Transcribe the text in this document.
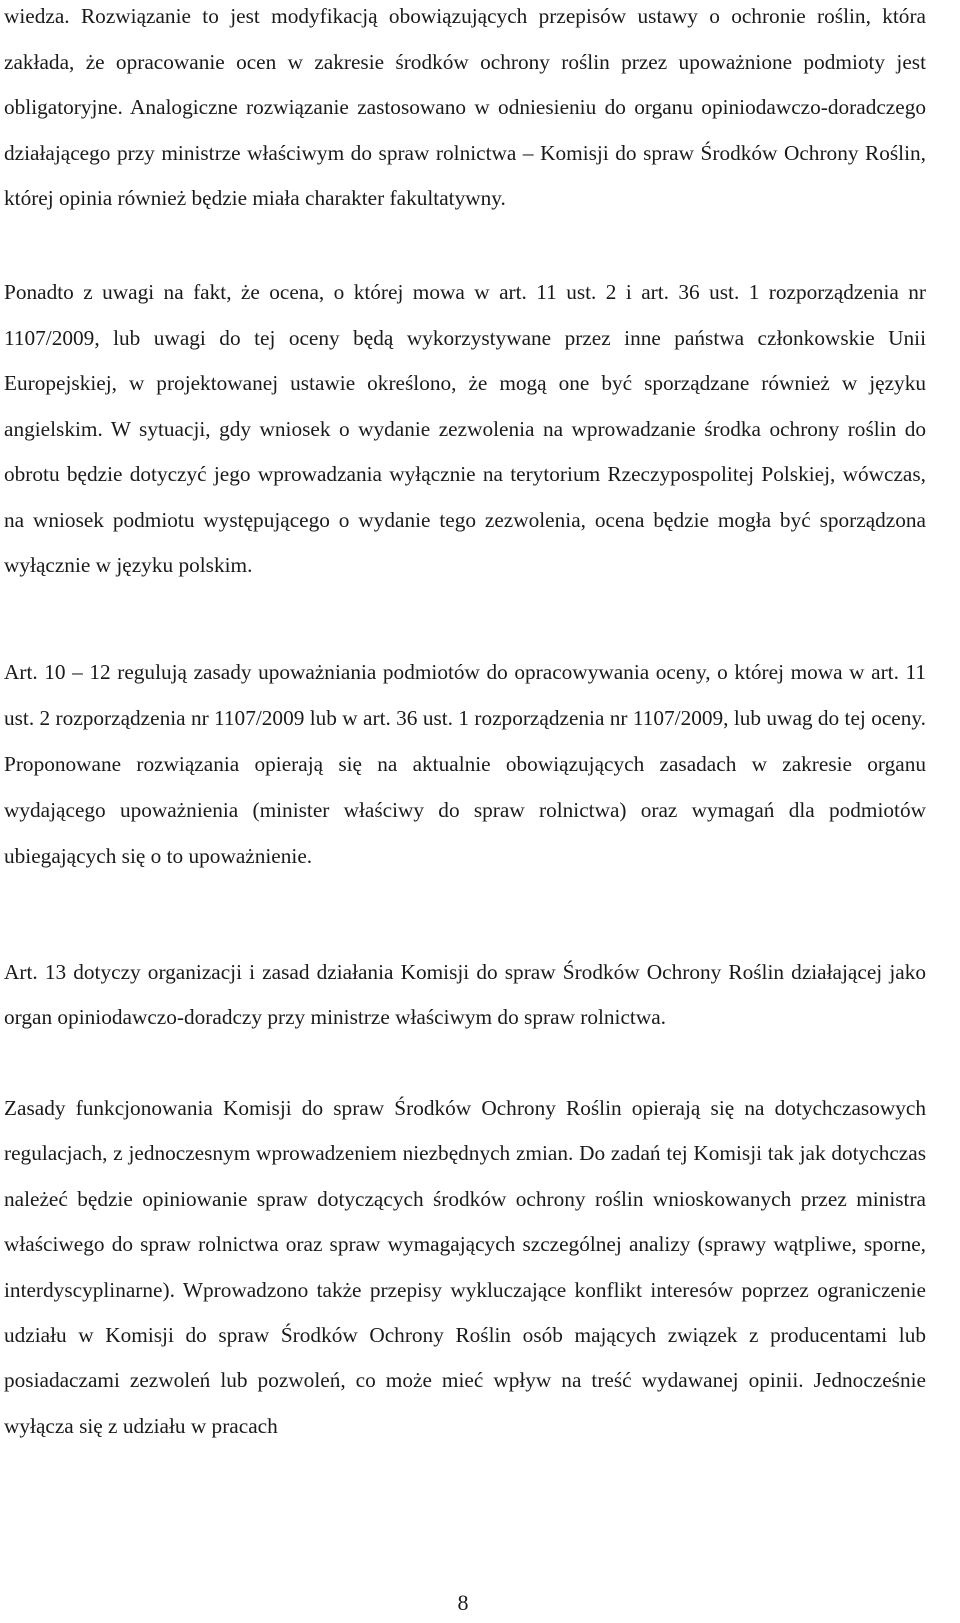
wiedza. Rozwiązanie to jest modyfikacją obowiązujących przepisów ustawy o ochronie roślin, która zakłada, że opracowanie ocen w zakresie środków ochrony roślin przez upoważnione podmioty jest obligatoryjne. Analogiczne rozwiązanie zastosowano w odniesieniu do organu opiniodawczo-doradczego działającego przy ministrze właściwym do spraw rolnictwa – Komisji do spraw Środków Ochrony Roślin, której opinia również będzie miała charakter fakultatywny.

Ponadto z uwagi na fakt, że ocena, o której mowa w art. 11 ust. 2 i art. 36 ust. 1 rozporządzenia nr 1107/2009, lub uwagi do tej oceny będą wykorzystywane przez inne państwa członkowskie Unii Europejskiej, w projektowanej ustawie określono, że mogą one być sporządzane również w języku angielskim. W sytuacji, gdy wniosek o wydanie zezwolenia na wprowadzanie środka ochrony roślin do obrotu będzie dotyczyć jego wprowadzania wyłącznie na terytorium Rzeczypospolitej Polskiej, wówczas, na wniosek podmiotu występującego o wydanie tego zezwolenia, ocena będzie mogła być sporządzona wyłącznie w języku polskim.

Art. 10 – 12 regulują zasady upoważniania podmiotów do opracowywania oceny, o której mowa w art. 11 ust. 2 rozporządzenia nr 1107/2009 lub w art. 36 ust. 1 rozporządzenia nr 1107/2009, lub uwag do tej oceny. Proponowane rozwiązania opierają się na aktualnie obowiązujących zasadach w zakresie organu wydającego upoważnienia (minister właściwy do spraw rolnictwa) oraz wymagań dla podmiotów ubiegających się o to upoważnienie.

Art. 13 dotyczy organizacji i zasad działania Komisji do spraw Środków Ochrony Roślin działającej jako organ opiniodawczo-doradczy przy ministrze właściwym do spraw rolnictwa.

Zasady funkcjonowania Komisji do spraw Środków Ochrony Roślin opierają się na dotychczasowych regulacjach, z jednoczesnym wprowadzeniem niezbędnych zmian. Do zadań tej Komisji tak jak dotychczas należeć będzie opiniowanie spraw dotyczących środków ochrony roślin wnioskowanych przez ministra właściwego do spraw rolnictwa oraz spraw wymagających szczególnej analizy (sprawy wątpliwe, sporne, interdyscyplinarne). Wprowadzono także przepisy wykluczające konflikt interesów poprzez ograniczenie udziału w Komisji do spraw Środków Ochrony Roślin osób mających związek z producentami lub posiadaczami zezwoleń lub pozwoleń, co może mieć wpływ na treść wydawanej opinii. Jednocześnie wyłącza się z udziału w pracach

8
